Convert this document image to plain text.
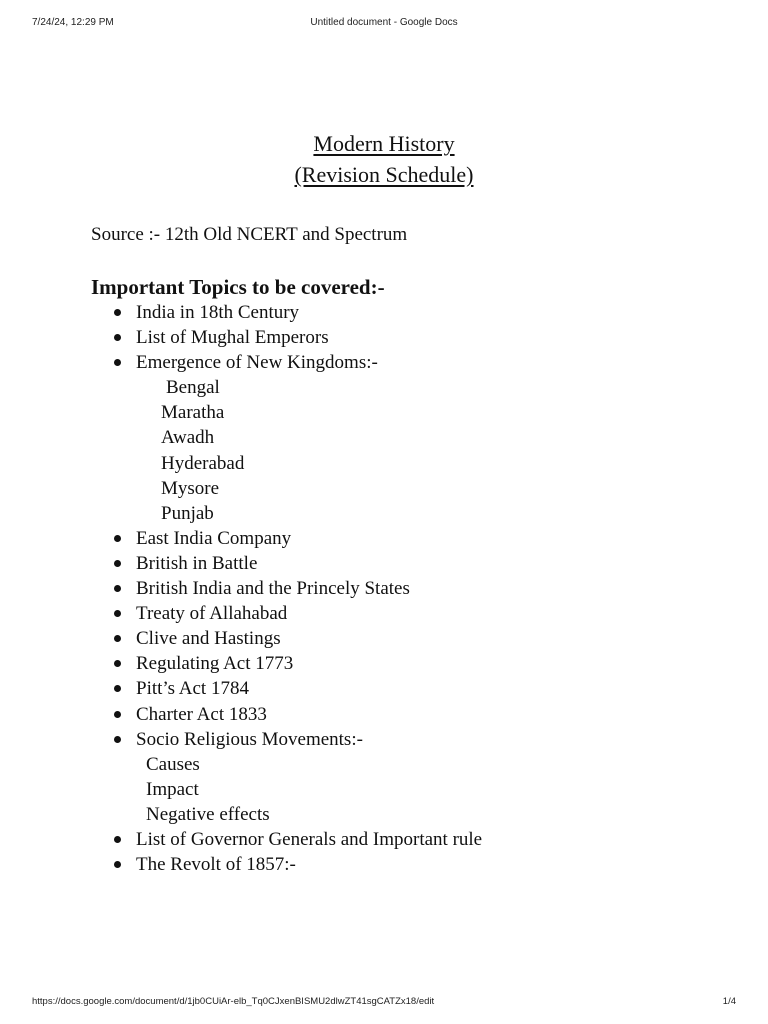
7/24/24, 12:29 PM	Untitled document - Google Docs
Modern History
(Revision Schedule)
Source :- 12th Old NCERT and Spectrum
Important Topics to be covered:-
India in 18th Century
List of Mughal Emperors
Emergence of New Kingdoms:-
Bengal
Maratha
Awadh
Hyderabad
Mysore
Punjab
East India Company
British in Battle
British India and the Princely States
Treaty of Allahabad
Clive and Hastings
Regulating Act 1773
Pitt’s Act 1784
Charter Act 1833
Socio Religious Movements:-
Causes
Impact
Negative effects
List of Governor Generals and Important rule
The Revolt of 1857:-
https://docs.google.com/document/d/1jb0CUiAr-elb_Tq0CJxenBISMU2dlwZT41sgCATZx18/edit	1/4
